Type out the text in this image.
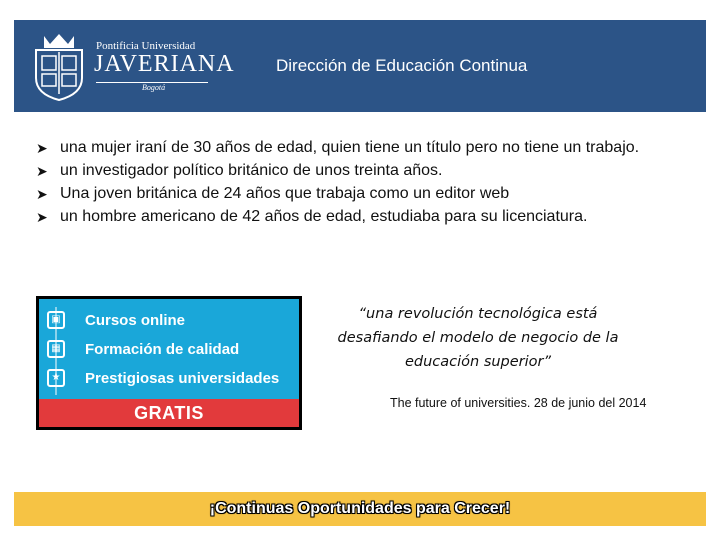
Pontificia Universidad
JAVERIANA
Bogotá
Dirección de Educación Continua
➤ una mujer iraní de 30 años de edad, quien tiene un título pero no tiene un trabajo.
➤ un investigador político británico de unos treinta años.
➤ Una joven británica de 24 años que trabaja como un editor web
➤ un hombre americano de 42 años de edad, estudiaba para su licenciatura.
▣ Cursos online
▦ Formación de calidad
★	Prestigiosas universidades
GRATIS
“una revolución tecnológica está desafiando el modelo de negocio de la educación superior”
The future of universities. 28 de junio del 2014
¡Continuas Oportunidades para Crecer!
